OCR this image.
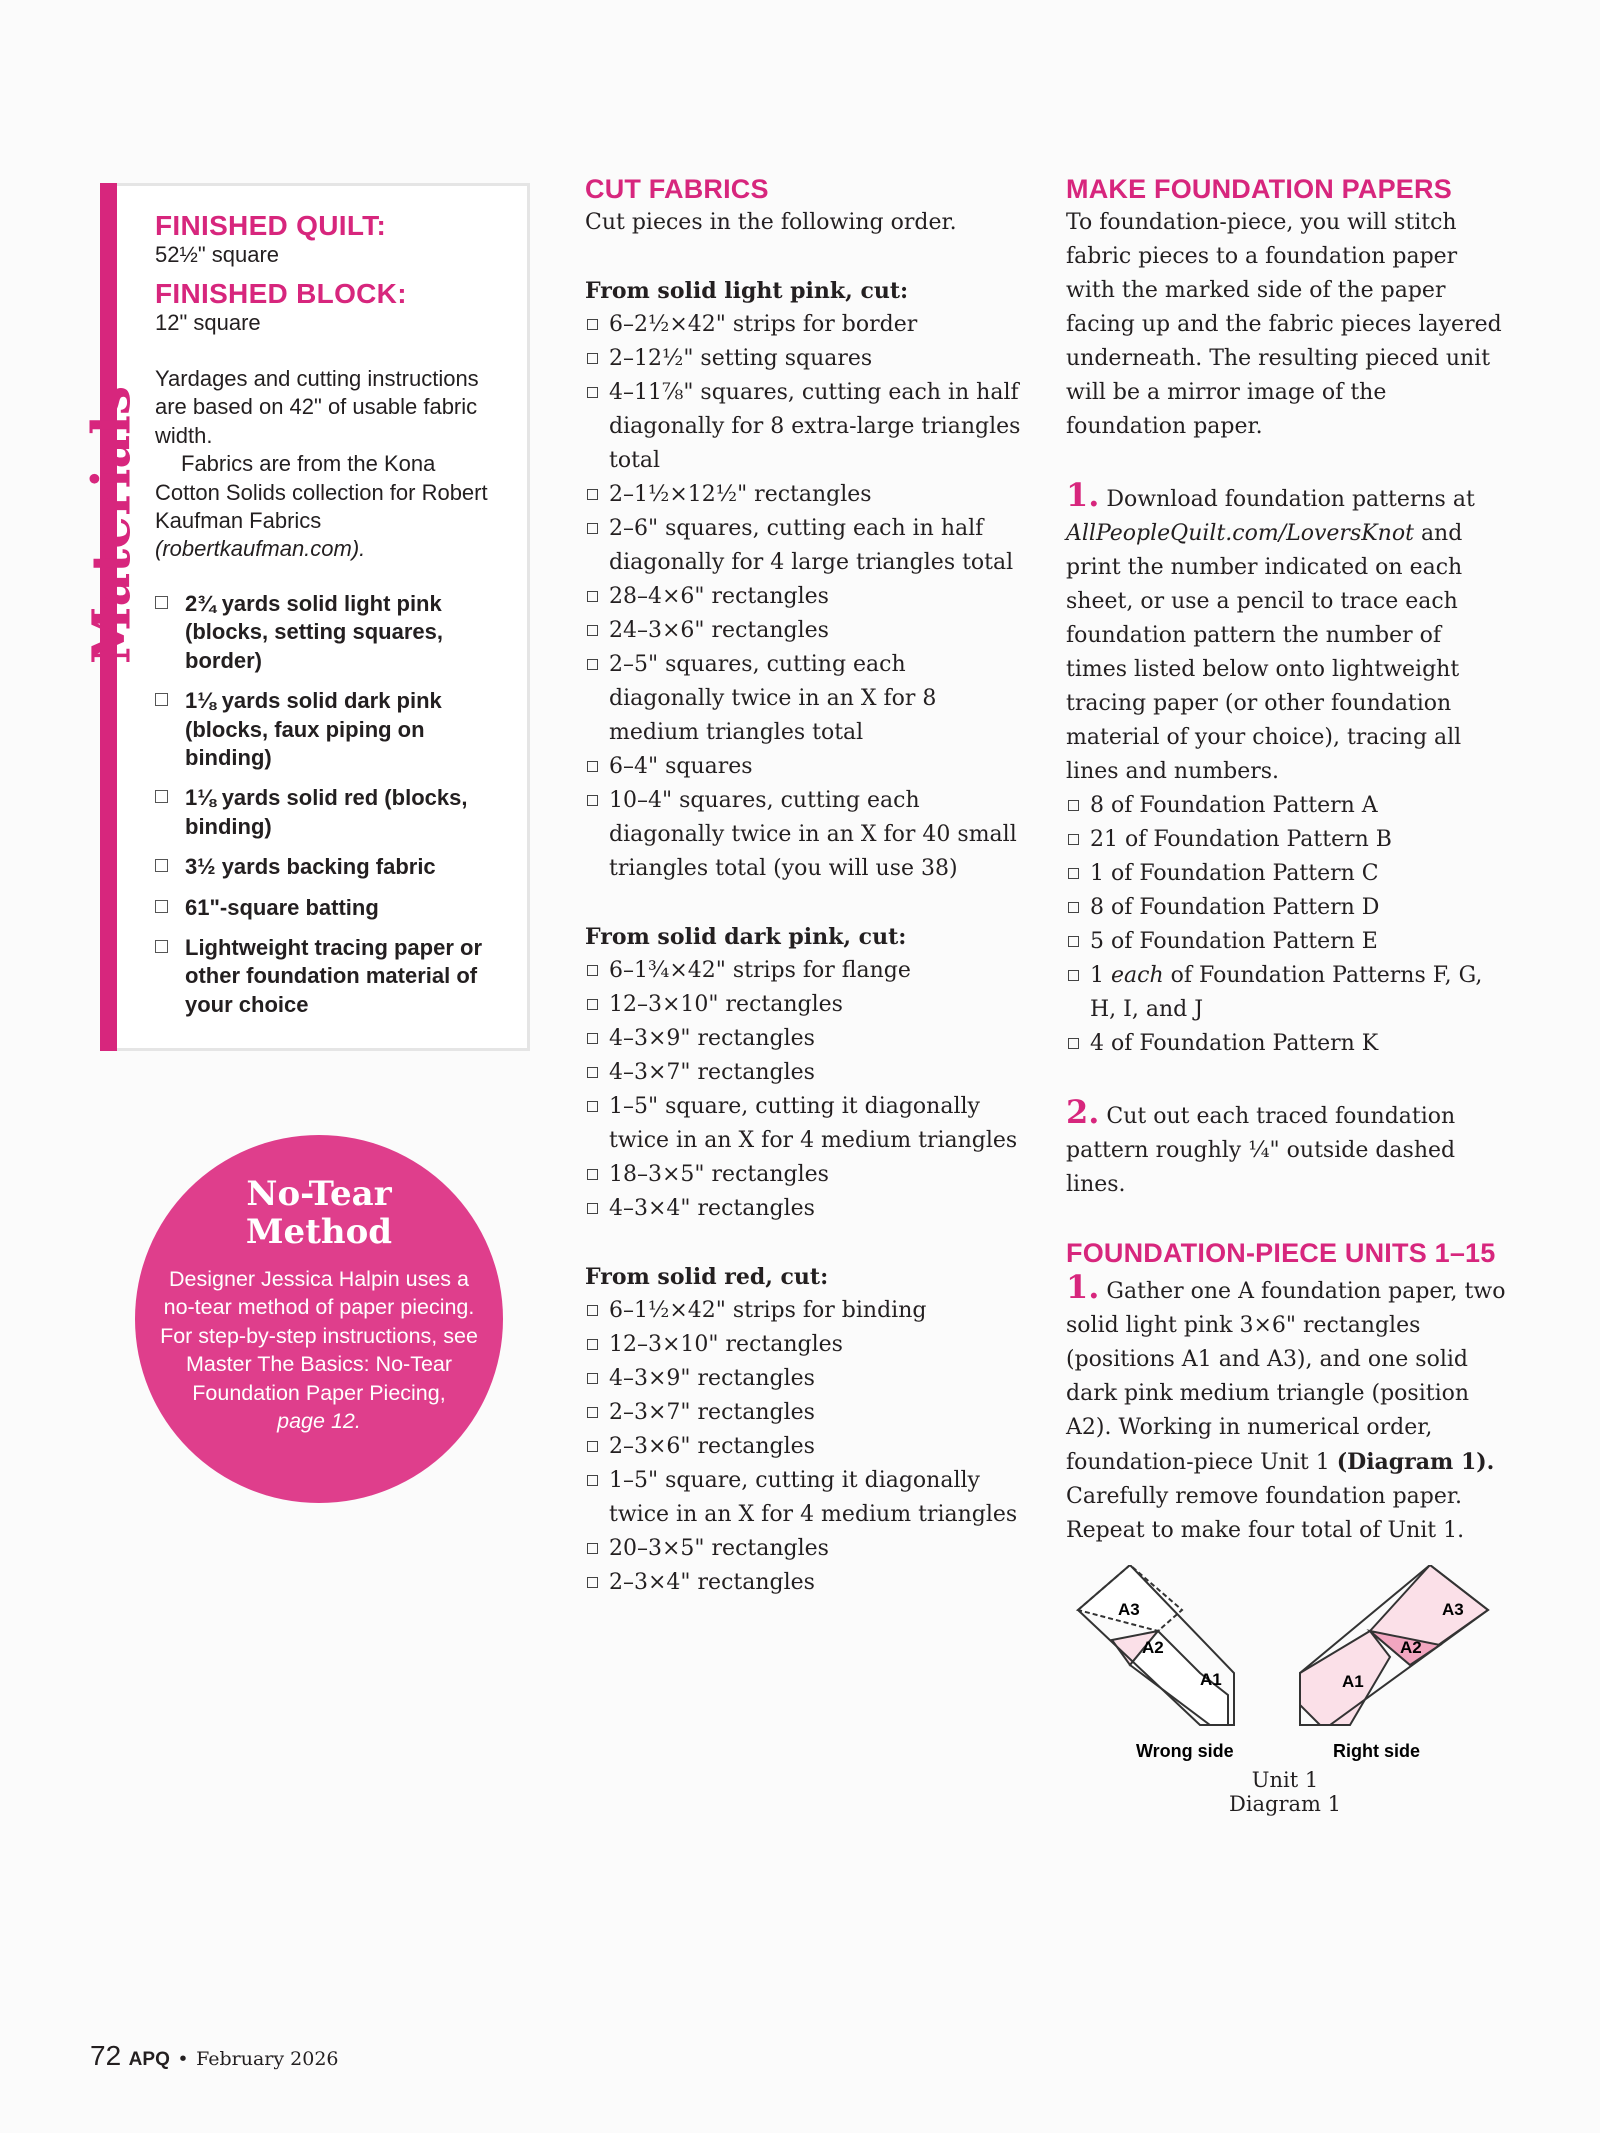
Materials
FINISHED QUILT:
52½" square
FINISHED BLOCK:
12" square
Yardages and cutting instructions are based on 42" of usable fabric width.
Fabrics are from the Kona Cotton Solids collection for Robert Kaufman Fabrics
(robertkaufman.com).
2¾ yards solid light pink (blocks, setting squares, border)
1⅛ yards solid dark pink (blocks, faux piping on binding)
1⅛ yards solid red (blocks, binding)
3½ yards backing fabric
61"-square batting
Lightweight tracing paper or other foundation material of your choice
No-Tear Method
Designer Jessica Halpin uses a no-tear method of paper piecing. For step-by-step instructions, see Master The Basics: No-Tear Foundation Paper Piecing,
page 12.
CUT FABRICS
Cut pieces in the following order.
From solid light pink, cut:
6–2½×42" strips for border
2–12½" setting squares
4–11⅞" squares, cutting each in half diagonally for 8 extra-large triangles total
2–1½×12½" rectangles
2–6" squares, cutting each in half diagonally for 4 large triangles total
28–4×6" rectangles
24–3×6" rectangles
2–5" squares, cutting each diagonally twice in an X for 8 medium triangles total
6–4" squares
10–4" squares, cutting each diagonally twice in an X for 40 small triangles total (you will use 38)
From solid dark pink, cut:
6–1¾×42" strips for flange
12–3×10" rectangles
4–3×9" rectangles
4–3×7" rectangles
1–5" square, cutting it diagonally twice in an X for 4 medium triangles
18–3×5" rectangles
4–3×4" rectangles
From solid red, cut:
6–1½×42" strips for binding
12–3×10" rectangles
4–3×9" rectangles
2–3×7" rectangles
2–3×6" rectangles
1–5" square, cutting it diagonally twice in an X for 4 medium triangles
20–3×5" rectangles
2–3×4" rectangles
MAKE FOUNDATION PAPERS
To foundation-piece, you will stitch fabric pieces to a foundation paper with the marked side of the paper facing up and the fabric pieces layered underneath. The resulting pieced unit will be a mirror image of the foundation paper.
1. Download foundation patterns at AllPeopleQuilt.com/LoversKnot and print the number indicated on each sheet, or use a pencil to trace each foundation pattern the number of times listed below onto lightweight tracing paper (or other foundation material of your choice), tracing all lines and numbers.
8 of Foundation Pattern A
21 of Foundation Pattern B
1 of Foundation Pattern C
8 of Foundation Pattern D
5 of Foundation Pattern E
1 each of Foundation Patterns F, G, H, I, and J
4 of Foundation Pattern K
2. Cut out each traced foundation pattern roughly ¼" outside dashed lines.
FOUNDATION-PIECE UNITS 1–15
1. Gather one A foundation paper, two solid light pink 3×6" rectangles (positions A1 and A3), and one solid dark pink medium triangle (position A2). Working in numerical order, foundation-piece Unit 1 (Diagram 1). Carefully remove foundation paper. Repeat to make four total of Unit 1.
A3
A2
A1
A3
A2
A1
Wrong side	Right side
Unit 1
Diagram 1
72 APQ • February 2026
